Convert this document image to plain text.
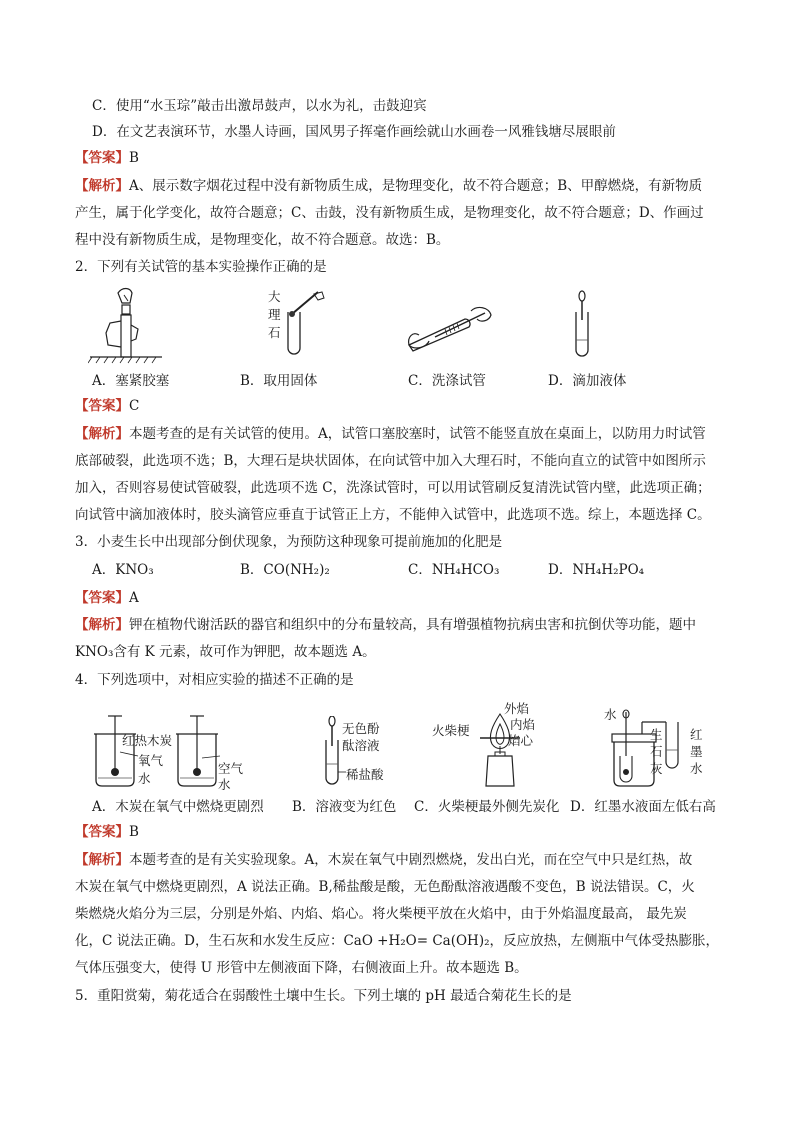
C．使用“水玉琮”敲击出激昂鼓声，以水为礼，击鼓迎宾
D．在文艺表演环节，水墨人诗画，国风男子挥毫作画绘就山水画卷一风雅钱塘尽展眼前
【答案】B
【解析】A、展示数字烟花过程中没有新物质生成，是物理变化，故不符合题意；B、甲醇燃烧，有新物质
产生，属于化学变化，故符合题意；C、击鼓，没有新物质生成，是物理变化，故不符合题意；D、作画过
程中没有新物质生成，是物理变化，故不符合题意。故选：B。
2．下列有关试管的基本实验操作正确的是
大
理
石
A．塞紧胶塞	B．取用固体	C．洗涤试管	D．滴加液体
【答案】C
【解析】本题考查的是有关试管的使用。A，试管口塞胶塞时，试管不能竖直放在桌面上，以防用力时试管
底部破裂，此选项不选；B，大理石是块状固体，在向试管中加入大理石时，不能向直立的试管中如图所示
加入，否则容易使试管破裂，此选项不选 C，洗涤试管时，可以用试管刷反复清洗试管内壁，此选项正确；
向试管中滴加液体时，胶头滴管应垂直于试管正上方，不能伸入试管中，此选项不选。综上，本题选择 C。
3．小麦生长中出现部分倒伏现象，为预防这种现象可提前施加的化肥是
A．KNO₃	B．CO(NH₂)₂	C．NH₄HCO₃	D．NH₄H₂PO₄
【答案】A
【解析】钾在植物代谢活跃的器官和组织中的分布量较高，具有增强植物抗病虫害和抗倒伏等功能，题中
KNO₃含有 K 元素，故可作为钾肥，故本题选 A。
4．下列选项中，对相应实验的描述不正确的是
红热木炭
氧气
水
空气
水
无色酚
酞溶液
稀盐酸
火柴梗
外焰
内焰
焰心
水
生
石
灰
红
墨
水
A．木炭在氧气中燃烧更剧烈 B．溶液变为红色 C．火柴梗最外侧先炭化 D．红墨水液面左低右高
【答案】B
【解析】本题考查的是有关实验现象。A，木炭在氧气中剧烈燃烧，发出白光，而在空气中只是红热，故
木炭在氧气中燃烧更剧烈，A 说法正确。B,稀盐酸是酸，无色酚酞溶液遇酸不变色，B 说法错误。C，火
柴燃烧火焰分为三层，分别是外焰、内焰、焰心。将火柴梗平放在火焰中，由于外焰温度最高， 最先炭
化，C 说法正确。D，生石灰和水发生反应：CaO +H₂O= Ca(OH)₂，反应放热，左侧瓶中气体受热膨胀，
气体压强变大，使得 U 形管中左侧液面下降，右侧液面上升。故本题选 B。
5．重阳赏菊，菊花适合在弱酸性土壤中生长。下列土壤的 pH 最适合菊花生长的是
